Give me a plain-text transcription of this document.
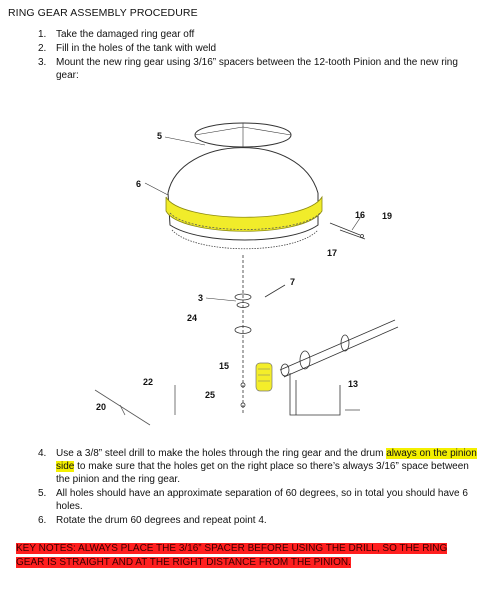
RING GEAR ASSEMBLY PROCEDURE
1. Take the damaged ring gear off
2. Fill in the holes of the tank with weld
3. Mount the new ring gear using 3/16” spacers between the 12-tooth Pinion and the new ring gear:
5
6
16 19
17
7
3
24
15
13
22
25
20
4. Use a 3/8” steel drill to make the holes through the ring gear and the drum always on the pinion side to make sure that the holes get on the right place so there’s always 3/16” space between the pinion and the ring gear.
5. All holes should have an approximate separation of 60 degrees, so in total you should have 6 holes.
6. Rotate the drum 60 degrees and repeat point 4.
KEY NOTES: ALWAYS PLACE THE 3/16” SPACER BEFORE USING THE DRILL, SO THE RING GEAR IS STRAIGHT AND AT THE RIGHT DISTANCE FROM THE PINION.
